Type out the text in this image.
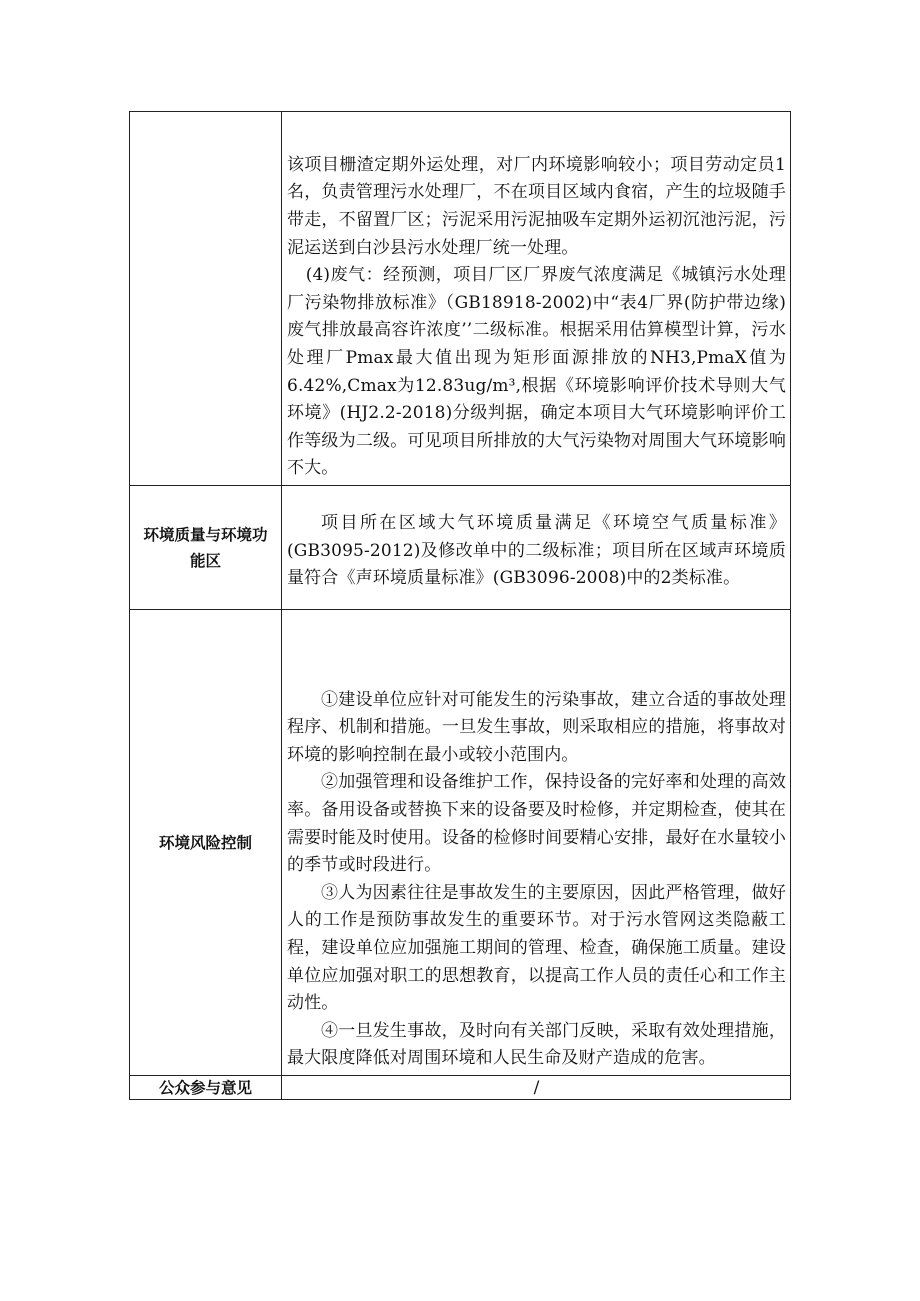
	该项目栅渣定期外运处理，对厂内环境影响较小；项目劳动定员1名，负责管理污水处理厂，不在项目区域内食宿，产生的垃圾随手带走，不留置厂区；污泥采用污泥抽吸车定期外运初沉池污泥，污泥运送到白沙县污水处理厂统一处理。

(4)废气：经预测，项目厂区厂界废气浓度满足《城镇污水处理厂污染物排放标准》（GB18918-2002)中“表4厂界(防护带边缘)废气排放最高容许浓度’’二级标准。根据采用估算模型计算，污水处理厂Pmax最大值出现为矩形面源排放的NH3,PmaX值为6.42%,Cmax为12.83ug/m³,根据《环境影响评价技术导则大气环境》(HJ2.2-2018)分级判据，确定本项目大气环境影响评价工作等级为二级。可见项目所排放的大气污染物对周围大气环境影响不大。

环境质量与环境功能区	项目所在区域大气环境质量满足《环境空气质量标准》(GB3095-2012)及修改单中的二级标准；项目所在区域声环境质量符合《声环境质量标准》(GB3096-2008)中的2类标准。

环境风险控制	①建设单位应针对可能发生的污染事故，建立合适的事故处理程序、机制和措施。一旦发生事故，则采取相应的措施，将事故对环境的影响控制在最小或较小范围内。

②加强管理和设备维护工作，保持设备的完好率和处理的高效率。备用设备或替换下来的设备要及时检修，并定期检查，使其在需要时能及时使用。设备的检修时间要精心安排，最好在水量较小的季节或时段进行。

③人为因素往往是事故发生的主要原因，因此严格管理，做好人的工作是预防事故发生的重要环节。对于污水管网这类隐蔽工程，建设单位应加强施工期间的管理、检查，确保施工质量。建设单位应加强对职工的思想教育，以提高工作人员的责任心和工作主动性。

④一旦发生事故，及时向有关部门反映，采取有效处理措施，最大限度降低对周围环境和人民生命及财产造成的危害。

公众参与意见	/
